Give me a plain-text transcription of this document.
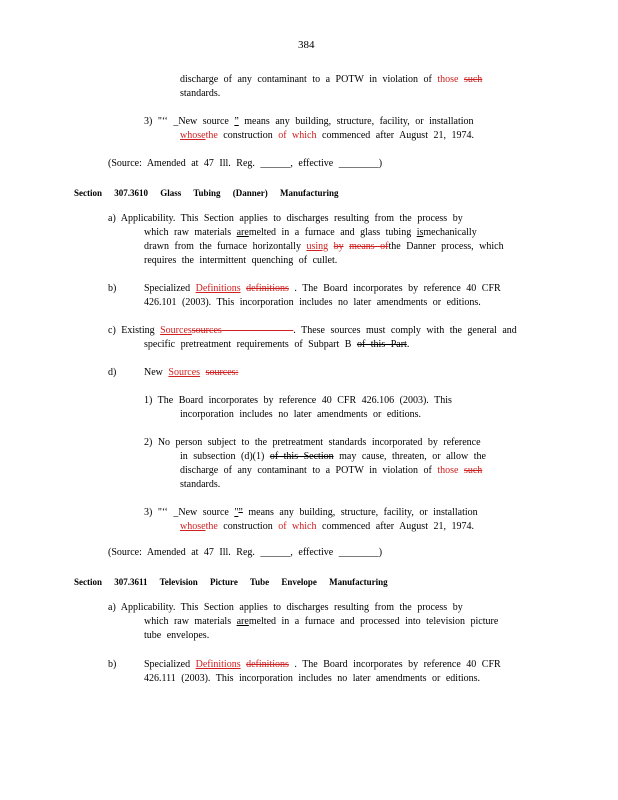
384
discharge of any contaminant to a POTW in violation of those such
standards.
3) "‘‘ _New source ” means any building, structure, facility, or installation
whosethe construction of which commenced after August 21, 1974.
(Source: Amended at 47 Ill. Reg. ______, effective ________)
Section 307.3610 Glass Tubing (Danner) Manufacturing
a) Applicability. This Section applies to discharges resulting from the process by
which raw materials aremelted in a furnace and glass tubing ismechanically
drawn from the furnace horizontally using by means ofthe Danner process, which
requires the intermittent quenching of cullet.
b)	Specialized Definitions definitions . The Board incorporates by reference 40 CFR
426.101 (2003). This incorporation includes no later amendments or editions.
c) Existing Sourcessources	. These sources must comply with the general and
specific pretreatment requirements of Subpart B of this Part.
d)	New Sources sources:
1) The Board incorporates by reference 40 CFR 426.106 (2003). This
incorporation includes no later amendments or editions.
2) No person subject to the pretreatment standards incorporated by reference
in subsection (d)(1) of this Section may cause, threaten, or allow the
discharge of any contaminant to a POTW in violation of those such
standards.
3) "‘‘ _New source "” means any building, structure, facility, or installation
whosethe construction of which commenced after August 21, 1974.
(Source: Amended at 47 Ill. Reg. ______, effective ________)
Section 307.3611 Television Picture Tube Envelope Manufacturing
a) Applicability. This Section applies to discharges resulting from the process by
which raw materials aremelted in a furnace and processed into television picture
tube envelopes.
b)	Specialized Definitions definitions . The Board incorporates by reference 40 CFR
426.111 (2003). This incorporation includes no later amendments or editions.
